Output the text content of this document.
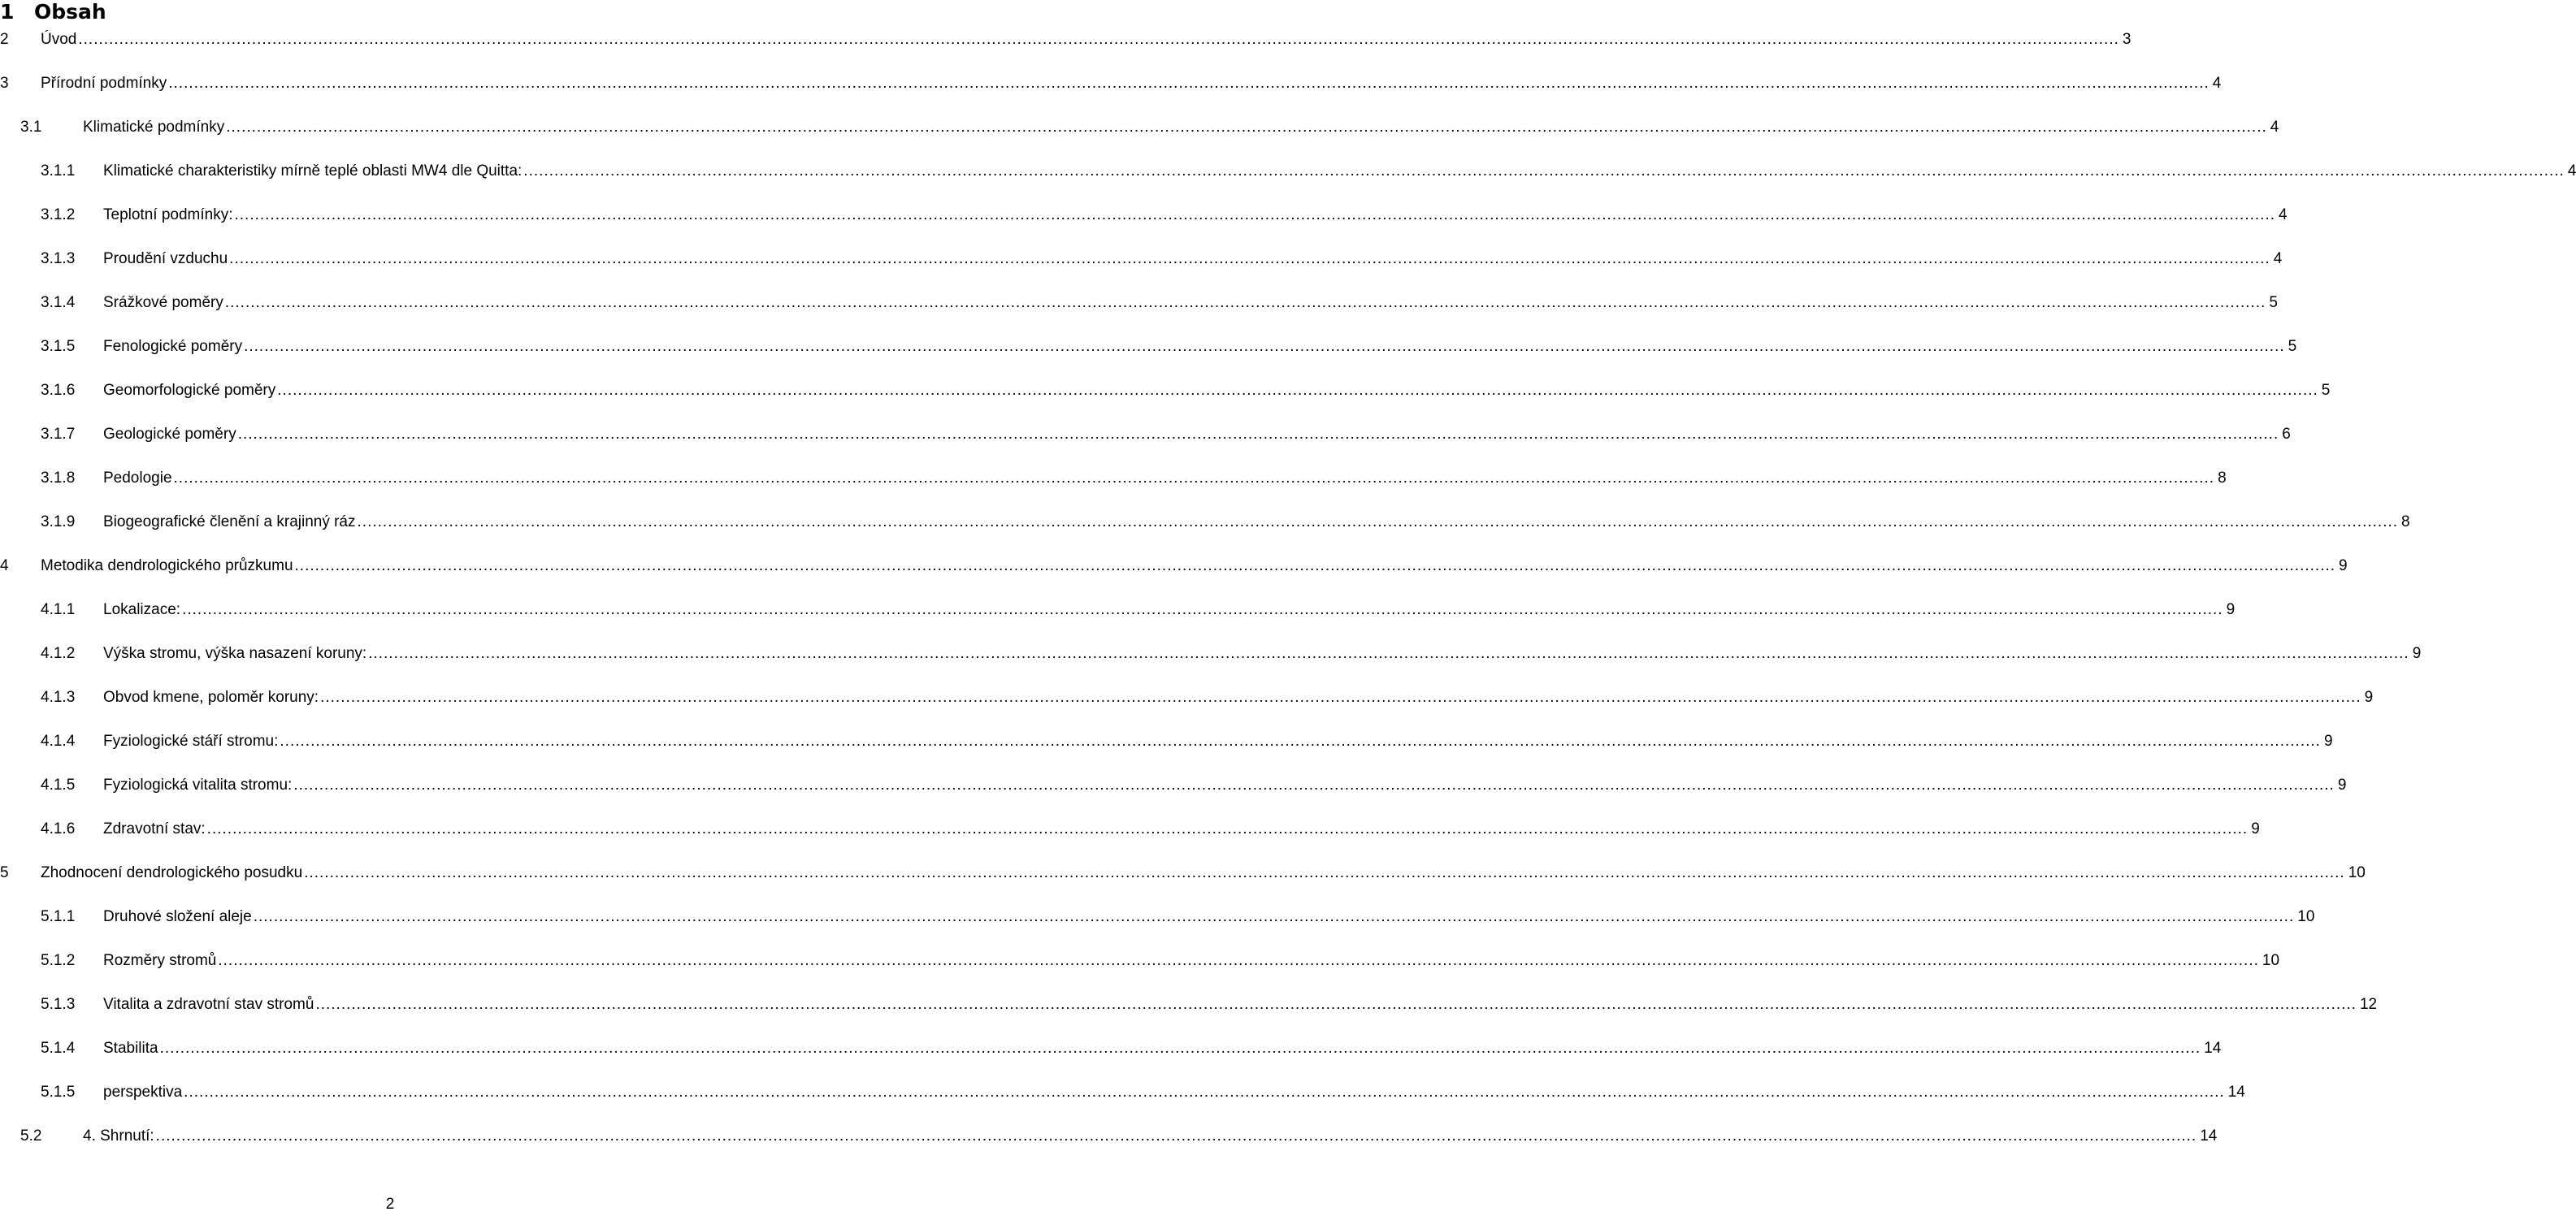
1 Obsah
2	Úvod ................................................................................................................................................................................................................................................................................................................................................................................................................ 3
3	Přírodní podmínky ................................................................................................................................................................................................................................................................................................................................................................................................................ 4
3.1	Klimatické podmínky ................................................................................................................................................................................................................................................................................................................................................................................................................ 4
3.1.1	Klimatické charakteristiky mírně teplé oblasti MW4 dle Quitta: ................................................................................................................................................................................................................................................................................................................................................................................................................ 4
3.1.2	Teplotní podmínky: ................................................................................................................................................................................................................................................................................................................................................................................................................ 4
3.1.3	Proudění vzduchu ................................................................................................................................................................................................................................................................................................................................................................................................................ 4
3.1.4	Srážkové poměry ................................................................................................................................................................................................................................................................................................................................................................................................................ 5
3.1.5	Fenologické poměry ................................................................................................................................................................................................................................................................................................................................................................................................................ 5
3.1.6	Geomorfologické poměry ................................................................................................................................................................................................................................................................................................................................................................................................................ 5
3.1.7	Geologické poměry ................................................................................................................................................................................................................................................................................................................................................................................................................ 6
3.1.8	Pedologie ................................................................................................................................................................................................................................................................................................................................................................................................................ 8
3.1.9	Biogeografické členění a krajinný ráz ................................................................................................................................................................................................................................................................................................................................................................................................................ 8
4	Metodika dendrologického průzkumu ................................................................................................................................................................................................................................................................................................................................................................................................................ 9
4.1.1	Lokalizace: ................................................................................................................................................................................................................................................................................................................................................................................................................ 9
4.1.2	Výška stromu, výška nasazení koruny: ................................................................................................................................................................................................................................................................................................................................................................................................................ 9
4.1.3	Obvod kmene, poloměr koruny: ................................................................................................................................................................................................................................................................................................................................................................................................................ 9
4.1.4	Fyziologické stáří stromu: ................................................................................................................................................................................................................................................................................................................................................................................................................ 9
4.1.5	Fyziologická vitalita stromu: ................................................................................................................................................................................................................................................................................................................................................................................................................ 9
4.1.6	Zdravotní stav: ................................................................................................................................................................................................................................................................................................................................................................................................................ 9
5	Zhodnocení dendrologického posudku ................................................................................................................................................................................................................................................................................................................................................................................................................ 10
5.1.1	Druhové složení aleje ................................................................................................................................................................................................................................................................................................................................................................................................................ 10
5.1.2	Rozměry stromů ................................................................................................................................................................................................................................................................................................................................................................................................................ 10
5.1.3	Vitalita a zdravotní stav stromů ................................................................................................................................................................................................................................................................................................................................................................................................................ 12
5.1.4	Stabilita ................................................................................................................................................................................................................................................................................................................................................................................................................ 14
5.1.5	perspektiva ................................................................................................................................................................................................................................................................................................................................................................................................................ 14
5.2	4. Shrnutí: ................................................................................................................................................................................................................................................................................................................................................................................................................ 14
2
